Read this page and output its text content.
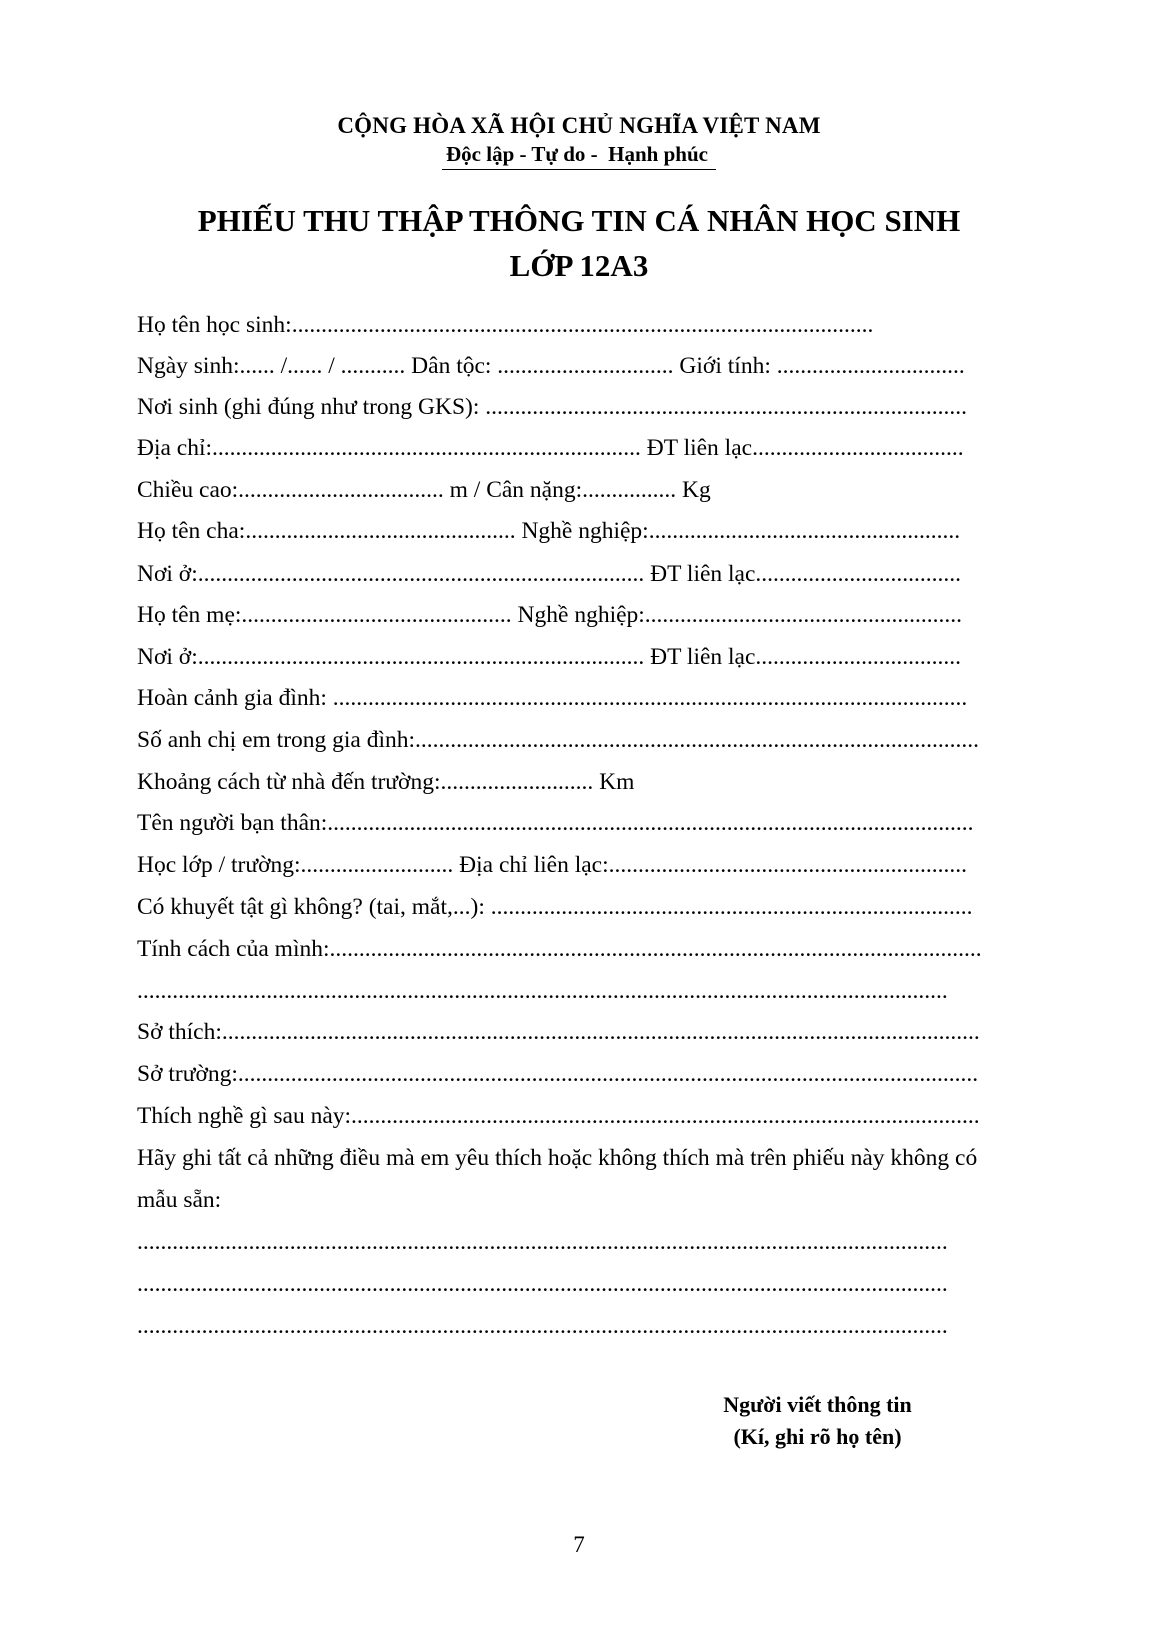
CỘNG HÒA XÃ HỘI CHỦ NGHĨA VIỆT NAM
Độc lập - Tự do -  Hạnh phúc
PHIẾU THU THẬP THÔNG TIN CÁ NHÂN HỌC SINH
LỚP 12A3
Họ tên học sinh:...................................................................................................
Ngày sinh:...... /...... / ........... Dân tộc: .............................. Giới tính: ................................
Nơi sinh (ghi đúng như trong GKS): ..................................................................................
Địa chỉ:......................................................................... ĐT liên lạc....................................
Chiều cao:................................... m / Cân nặng:................ Kg
Họ tên cha:.............................................. Nghề nghiệp:.....................................................
Nơi ở:............................................................................ ĐT liên lạc...................................
Họ tên mẹ:.............................................. Nghề nghiệp:......................................................
Nơi ở:............................................................................ ĐT liên lạc...................................
Hoàn cảnh gia đình: ............................................................................................................
Số anh chị em trong gia đình:................................................................................................
Khoảng cách từ nhà đến trường:.......................... Km
Tên người bạn thân:..............................................................................................................
Học lớp / trường:.......................... Địa chỉ liên lạc:.............................................................
Có khuyết tật gì không? (tai, mắt,...): ..................................................................................
Tính cách của mình:...............................................................................................................
..........................................................................................................................................
Sở thích:.................................................................................................................................
Sở trường:..............................................................................................................................
Thích nghề gì sau này:...........................................................................................................
Hãy ghi tất cả những điều mà em yêu thích hoặc không thích mà trên phiếu này không có
mẫu sẵn:
..........................................................................................................................................
..........................................................................................................................................
..........................................................................................................................................
Người viết thông tin
(Kí, ghi rõ họ tên)
7
